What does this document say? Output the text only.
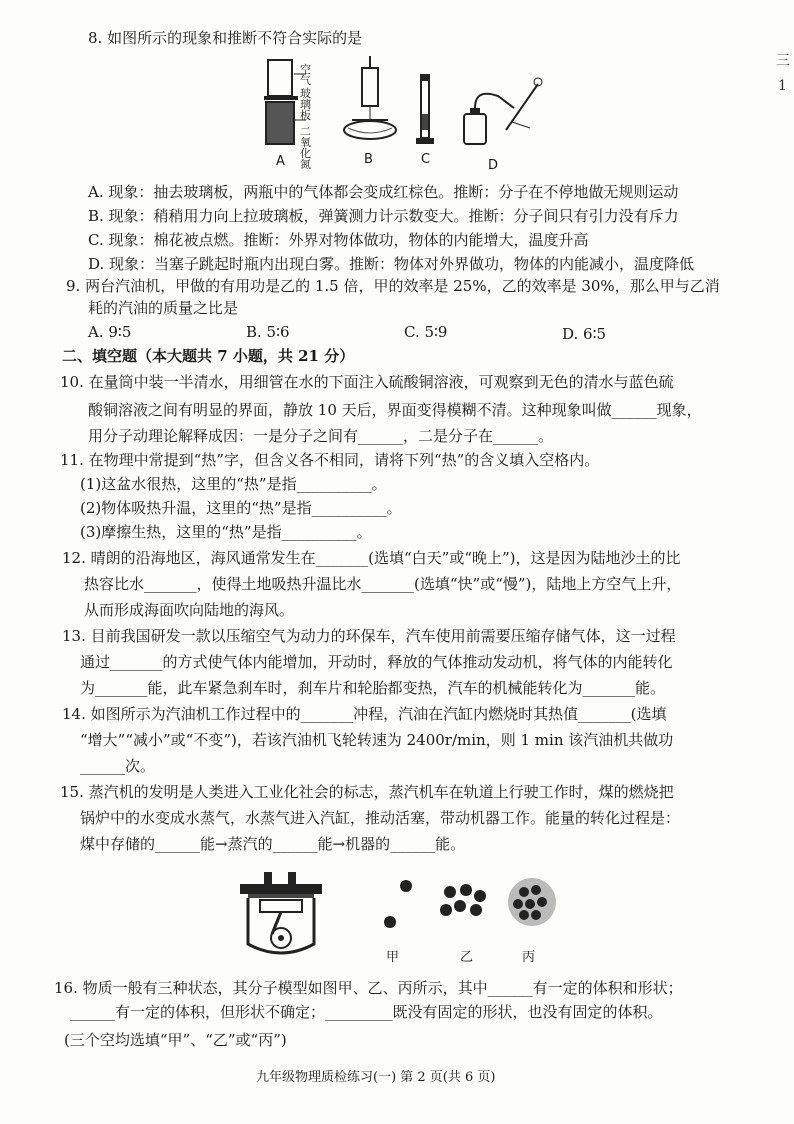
三
1
8. 如图所示的现象和推断不符合实际的是
空气
玻璃板
二氧化氮
A	B	C	D
A. 现象：抽去玻璃板，两瓶中的气体都会变成红棕色。推断：分子在不停地做无规则运动
B. 现象：稍稍用力向上拉玻璃板，弹簧测力计示数变大。推断：分子间只有引力没有斥力
C. 现象：棉花被点燃。推断：外界对物体做功，物体的内能增大，温度升高
D. 现象：当塞子跳起时瓶内出现白雾。推断：物体对外界做功，物体的内能减小，温度降低
9. 两台汽油机，甲做的有用功是乙的 1.5 倍，甲的效率是 25%，乙的效率是 30%，那么甲与乙消
耗的汽油的质量之比是
A. 9∶5	B. 5∶6	C. 5∶9	D. 6∶5
二、填空题（本大题共 7 小题，共 21 分）
10. 在量筒中装一半清水，用细管在水的下面注入硫酸铜溶液，可观察到无色的清水与蓝色硫
酸铜溶液之间有明显的界面，静放 10 天后，界面变得模糊不清。这种现象叫做______现象，
用分子动理论解释成因：一是分子之间有______，二是分子在______。
11. 在物理中常提到“热”字，但含义各不相同，请将下列“热”的含义填入空格内。
(1)这盆水很热，这里的“热”是指__________。
(2)物体吸热升温，这里的“热”是指__________。
(3)摩擦生热，这里的“热”是指__________。
12. 晴朗的沿海地区，海风通常发生在_______(选填“白天”或“晚上”)，这是因为陆地沙土的比
热容比水_______，使得土地吸热升温比水_______(选填“快”或“慢”)，陆地上方空气上升，
从而形成海面吹向陆地的海风。
13. 目前我国研发一款以压缩空气为动力的环保车，汽车使用前需要压缩存储气体，这一过程
通过_______的方式使气体内能增加，开动时，释放的气体推动发动机，将气体的内能转化
为_______能，此车紧急刹车时，刹车片和轮胎都变热，汽车的机械能转化为_______能。
14. 如图所示为汽油机工作过程中的_______冲程，汽油在汽缸内燃烧时其热值_______(选填
“增大”“减小”或“不变”)，若该汽油机飞轮转速为 2400r/min，则 1 min 该汽油机共做功
______次。
15. 蒸汽机的发明是人类进入工业化社会的标志，蒸汽机车在轨道上行驶工作时，煤的燃烧把
锅炉中的水变成水蒸气，水蒸气进入汽缸，推动活塞，带动机器工作。能量的转化过程是：
煤中存储的______能→蒸汽的______能→机器的______能。
甲	乙	丙
16. 物质一般有三种状态，其分子模型如图甲、乙、丙所示，其中______有一定的体积和形状；
______有一定的体积，但形状不确定；_________既没有固定的形状，也没有固定的体积。
(三个空均选填“甲”、“乙”或“丙”)
九年级物理质检练习(一) 第 2 页(共 6 页)
